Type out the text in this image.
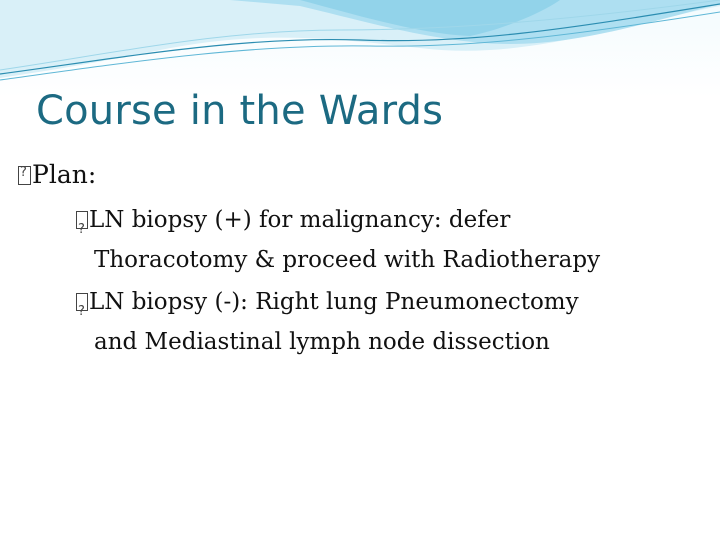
Course in the Wards
?Plan:
?LN biopsy (+) for malignancy: defer
Thoracotomy & proceed with Radiotherapy
?LN biopsy (-): Right lung Pneumonectomy
and Mediastinal lymph node dissection
